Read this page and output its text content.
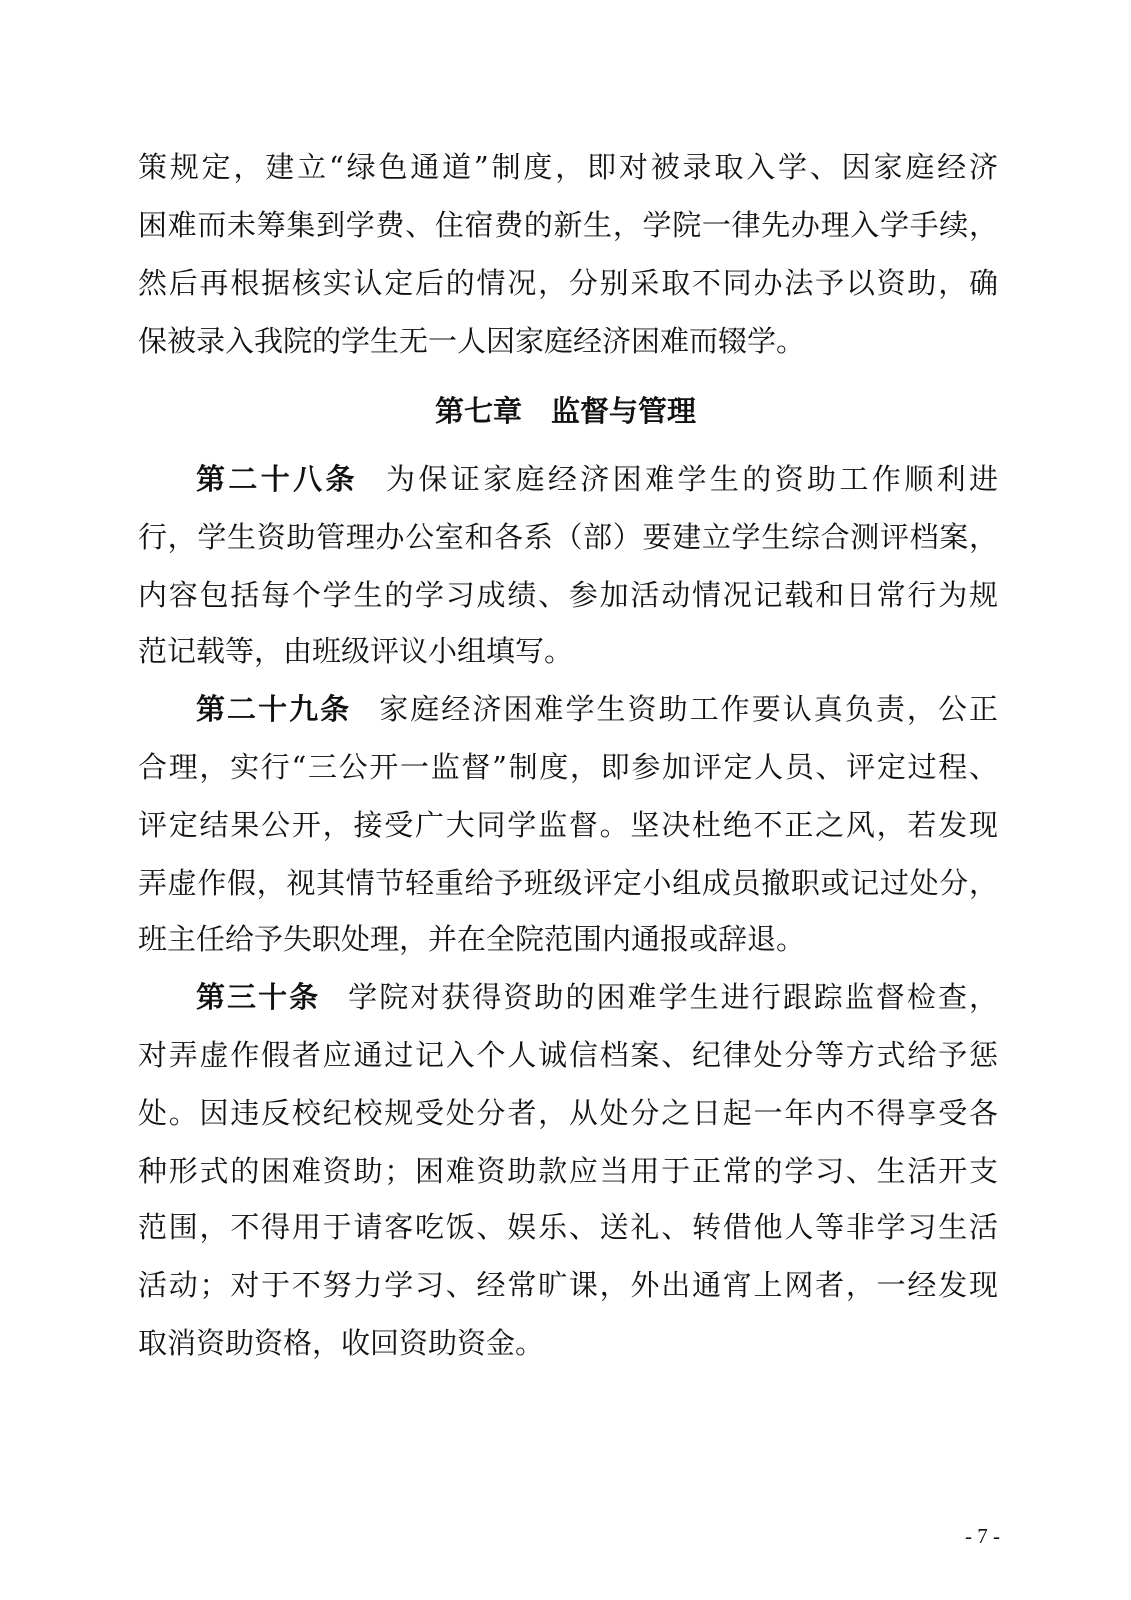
策规定，建立“绿色通道”制度，即对被录取入学、因家庭经济
困难而未筹集到学费、住宿费的新生，学院一律先办理入学手续，
然后再根据核实认定后的情况，分别采取不同办法予以资助，确
保被录入我院的学生无一人因家庭经济困难而辍学。
第七章　监督与管理
第二十八条 为保证家庭经济困难学生的资助工作顺利进
行，学生资助管理办公室和各系（部）要建立学生综合测评档案，
内容包括每个学生的学习成绩、参加活动情况记载和日常行为规
范记载等，由班级评议小组填写。
第二十九条 家庭经济困难学生资助工作要认真负责，公正
合理，实行“三公开一监督”制度，即参加评定人员、评定过程、
评定结果公开，接受广大同学监督。坚决杜绝不正之风，若发现
弄虚作假，视其情节轻重给予班级评定小组成员撤职或记过处分，
班主任给予失职处理，并在全院范围内通报或辞退。
第三十条 学院对获得资助的困难学生进行跟踪监督检查，
对弄虚作假者应通过记入个人诚信档案、纪律处分等方式给予惩
处。因违反校纪校规受处分者，从处分之日起一年内不得享受各
种形式的困难资助；困难资助款应当用于正常的学习、生活开支
范围，不得用于请客吃饭、娱乐、送礼、转借他人等非学习生活
活动；对于不努力学习、经常旷课，外出通宵上网者，一经发现
取消资助资格，收回资助资金。
- 7 -
